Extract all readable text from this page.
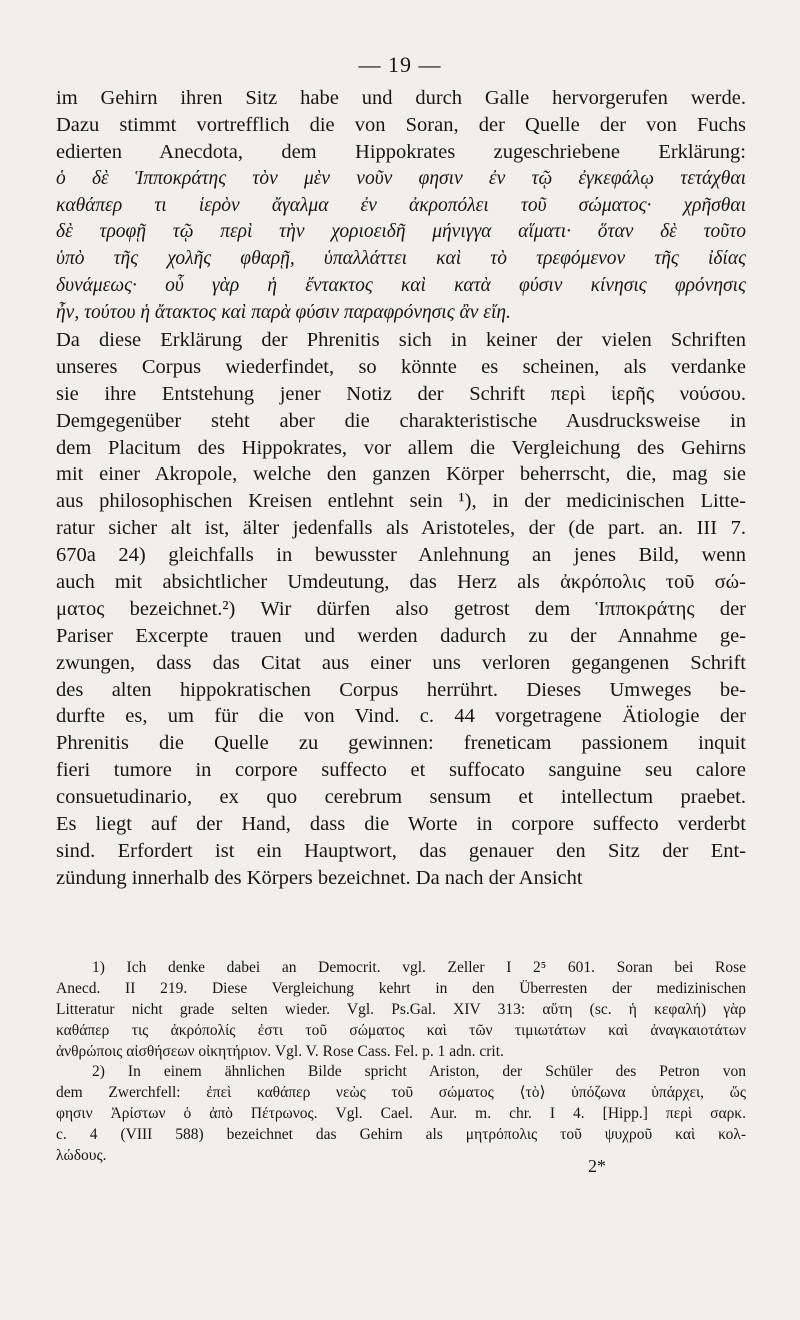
— 19 —
im Gehirn ihren Sitz habe und durch Galle hervorgerufen werde.
Dazu stimmt vortrefflich die von Soran, der Quelle der von Fuchs
edierten Anecdota, dem Hippokrates zugeschriebene Erklärung:
ὁ δὲ Ἱπποκράτης τὸν μὲν νοῦν φησιν ἐν τῷ ἐγκεφάλῳ τετάχθαι
καθάπερ τι ἱερὸν ἄγαλμα ἐν ἀκροπόλει τοῦ σώματος· χρῆσθαι
δὲ τροφῇ τῷ περὶ τὴν χοριοειδῆ μήνιγγα αἵματι· ὅταν δὲ τοῦτο
ὑπὸ τῆς χολῆς φθαρῇ, ὑπαλλάττει καὶ τὸ τρεφόμενον τῆς ἰδίας
δυνάμεως· οὗ γὰρ ἡ ἔντακτος καὶ κατὰ φύσιν κίνησις φρόνησις
ἦν, τούτου ἡ ἄτακτος καὶ παρὰ φύσιν παραφρόνησις ἂν εἴη.
Da diese Erklärung der Phrenitis sich in keiner der vielen Schriften
unseres Corpus wiederfindet, so könnte es scheinen, als verdanke
sie ihre Entstehung jener Notiz der Schrift περὶ ἱερῆς νούσου.
Demgegenüber steht aber die charakteristische Ausdrucksweise in
dem Placitum des Hippokrates, vor allem die Vergleichung des Gehirns
mit einer Akropole, welche den ganzen Körper beherrscht, die, mag sie
aus philosophischen Kreisen entlehnt sein ¹), in der medicinischen Litte-
ratur sicher alt ist, älter jedenfalls als Aristoteles, der (de part. an. III 7.
670a 24) gleichfalls in bewusster Anlehnung an jenes Bild, wenn
auch mit absichtlicher Umdeutung, das Herz als ἀκρόπολις τοῦ σώ-
ματος bezeichnet.²) Wir dürfen also getrost dem Ἱπποκράτης der
Pariser Excerpte trauen und werden dadurch zu der Annahme ge-
zwungen, dass das Citat aus einer uns verloren gegangenen Schrift
des alten hippokratischen Corpus herrührt. Dieses Umweges be-
durfte es, um für die von Vind. c. 44 vorgetragene Ätiologie der
Phrenitis die Quelle zu gewinnen: freneticam passionem inquit
fieri tumore in corpore suffecto et suffocato sanguine seu calore
consuetudinario, ex quo cerebrum sensum et intellectum praebet.
Es liegt auf der Hand, dass die Worte in corpore suffecto verderbt
sind. Erfordert ist ein Hauptwort, das genauer den Sitz der Ent-
zündung innerhalb des Körpers bezeichnet. Da nach der Ansicht
1) Ich denke dabei an Democrit. vgl. Zeller I 2⁵ 601. Soran bei Rose
Anecd. II 219. Diese Vergleichung kehrt in den Überresten der medizinischen
Litteratur nicht grade selten wieder. Vgl. Ps.Gal. XIV 313: αὕτη (sc. ἡ κεφαλή) γὰρ
καθάπερ τις ἀκρόπολίς ἐστι τοῦ σώματος καὶ τῶν τιμιωτάτων καὶ ἀναγκαιοτάτων
ἀνθρώποις αἰσθήσεων οἰκητήριον. Vgl. V. Rose Cass. Fel. p. 1 adn. crit.
2) In einem ähnlichen Bilde spricht Ariston, der Schüler des Petron von
dem Zwerchfell: ἐπεὶ καθάπερ νεὼς τοῦ σώματος ⟨τὸ⟩ ὑπόζωνα ὑπάρχει, ὥς
φησιν Ἀρίστων ὁ ἀπὸ Πέτρωνος. Vgl. Cael. Aur. m. chr. I 4. [Hipp.] περὶ σαρκ.
c. 4 (VIII 588) bezeichnet das Gehirn als μητρόπολις τοῦ ψυχροῦ καὶ κολ-
λώδους.
2*
